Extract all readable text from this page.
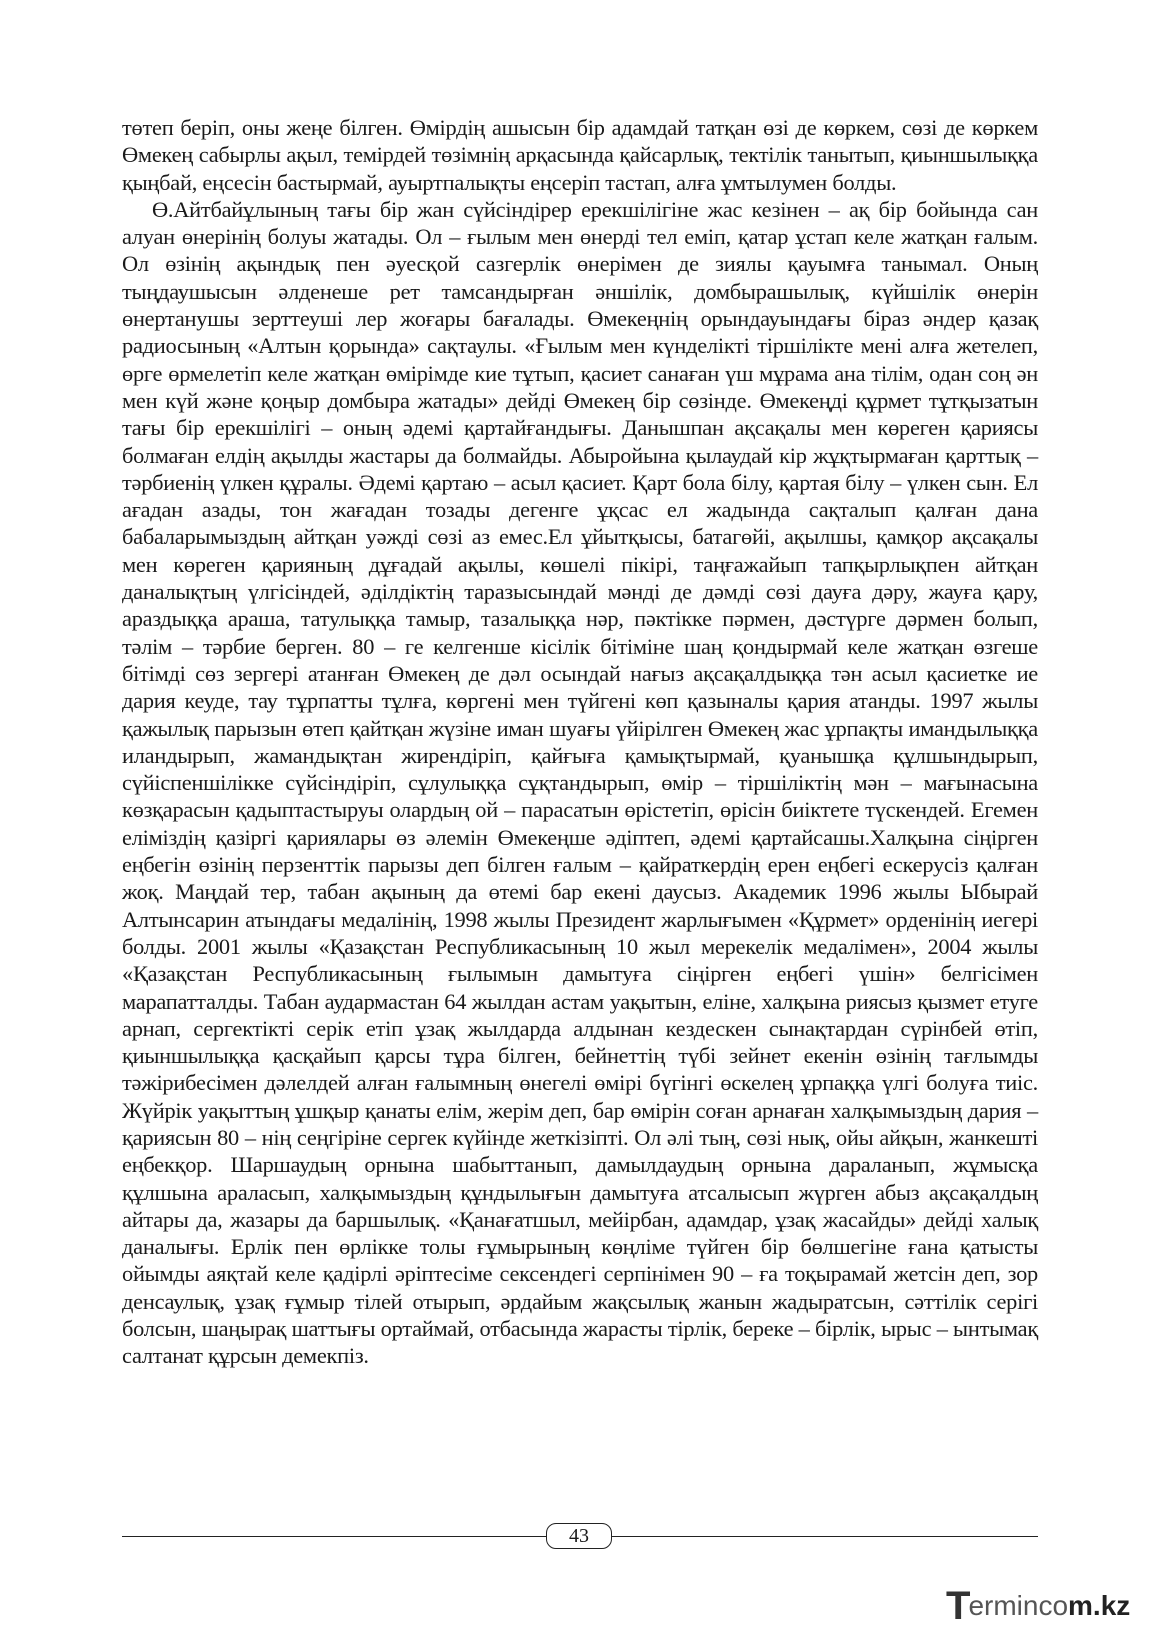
төтеп беріп, оны жеңе білген. Өмірдің ашысын бір адамдай татқан өзі де көркем, сөзі де көркем Өмекең сабырлы ақыл, темірдей төзімнің арқасында қайсарлық, тектілік танытып, қиыншылыққа қыңбай, еңсесін бастырмай, ауыртпалықты еңсеріп тастап, алға ұмтылумен болды.

Ө.Айтбайұлының тағы бір жан сүйсіндірер ерекшілігіне жас кезінен – ақ бір бойында сан алуан өнерінің болуы жатады. Ол – ғылым мен өнерді тел еміп, қатар ұстап келе жатқан ғалым. Ол өзінің ақындық пен әуесқой сазгерлік өнерімен де зиялы қауымға танымал. Оның тыңдаушысын әлденеше рет тамсандырған әншілік, домбырашылық, күйшілік өнерін өнертанушы зерттеуші лер жоғары бағалады. Өмекеңнің орындауындағы біраз әндер қазақ радиосының «Алтын қорында» сақтаулы. «Ғылым мен күнделікті тіршілікте мені алға жетелеп, өрге өрмелетіп келе жатқан өмірімде кие тұтып, қасиет санаған үш мұрама ана тілім, одан соң ән мен күй және қоңыр домбыра жатады» дейді Өмекең бір сөзінде. Өмекеңді құрмет тұтқызатын тағы бір ерекшілігі – оның әдемі қартайғандығы. Данышпан ақсақалы мен көреген қариясы болмаған елдің ақылды жастары да болмайды. Абыройына қылаудай кір жұқтырмаған қарттық – тәрбиенің үлкен құралы. Әдемі қартаю – асыл қасиет. Қарт бола білу, қартая білу – үлкен сын. Ел ағадан азады, тон жағадан тозады дегенге ұқсас ел жадында сақталып қалған дана бабаларымыздың айтқан уәжді сөзі аз емес.Ел ұйытқысы, батагөйі, ақылшы, қамқор ақсақалы мен көреген қарияның дұғадай ақылы, көшелі пікірі, таңғажайып тапқырлықпен айтқан даналықтың үлгісіндей, әділдіктің таразысындай мәнді де дәмді сөзі дауға дәру, жауға қару, араздыққа араша, татулыққа тамыр, тазалыққа нәр, пәктікке пәрмен, дәстүрге дәрмен болып, тәлім – тәрбие берген. 80 – ге келгенше кісілік бітіміне шаң қондырмай келе жатқан өзгеше бітімді сөз зергері атанған Өмекең де дәл осындай нағыз ақсақалдыққа тән асыл қасиетке ие дария кеуде, тау тұрпатты тұлға, көргені мен түйгені көп қазыналы қария атанды. 1997 жылы қажылық парызын өтеп қайтқан жүзіне иман шуағы үйірілген Өмекең жас ұрпақты имандылыққа иландырып, жамандықтан жирендіріп, қайғыға қамықтырмай, қуанышқа құлшындырып, сүйіспеншілікке сүйсіндіріп, сұлулыққа сұқтандырып, өмір – тіршіліктің мән – мағынасына көзқарасын қадыптастыруы олардың ой – парасатын өрістетіп, өрісін биіктете түскендей. Егемен еліміздің қазіргі қариялары өз әлемін Өмекеңше әдіптеп, әдемі қартайсашы.Халқына сіңірген еңбегін өзінің перзенттік парызы деп білген ғалым – қайраткердің ерен еңбегі ескерусіз қалған жоқ. Маңдай тер, табан ақының да өтемі бар екені даусыз. Академик 1996 жылы Ыбырай Алтынсарин атындағы медалінің, 1998 жылы Президент жарлығымен «Құрмет» орденінің иегері болды. 2001 жылы «Қазақстан Республикасының 10 жыл мерекелік медалімен», 2004 жылы «Қазақстан Республикасының ғылымын дамытуға сіңірген еңбегі үшін» белгісімен марапатталды. Табан аудармастан 64 жылдан астам уақытын, еліне, халқына риясыз қызмет етуге арнап, сергектікті серік етіп ұзақ жылдарда алдынан кездескен сынақтардан сүрінбей өтіп, қиыншылыққа қасқайып қарсы тұра білген, бейнеттің түбі зейнет екенін өзінің тағлымды тәжірибесімен дәлелдей алған ғалымның өнегелі өмірі бүгінгі өскелең ұрпаққа үлгі болуға тиіс. Жүйрік уақыттың ұшқыр қанаты елім, жерім деп, бар өмірін соған арнаған халқымыздың дария – қариясын 80 – нің сеңгіріне сергек күйінде жеткізіпті. Ол әлі тың, сөзі нық, ойы айқын, жанкешті еңбекқор. Шаршаудың орнына шабыттанып, дамылдаудың орнына дараланып, жұмысқа құлшына араласып, халқымыздың құндылығын дамытуға атсалысып жүрген абыз ақсақалдың айтары да, жазары да баршылық. «Қанағатшыл, мейірбан, адамдар, ұзақ жасайды» дейді халық даналығы. Ерлік пен өрлікке толы ғұмырының көңліме түйген бір бөлшегіне ғана қатысты ойымды аяқтай келе қадірлі әріптесіме сексендегі серпінімен 90 – ға тоқырамай жетсін деп, зор денсаулық, ұзақ ғұмыр тілей отырып, әрдайым жақсылық жанын жадыратсын, сәттілік серігі болсын, шаңырақ шаттығы ортаймай, отбасында жарасты тірлік, береке – бірлік, ырыс – ынтымақ салтанат құрсын демекпіз.

43
T
erminc o m.kz
